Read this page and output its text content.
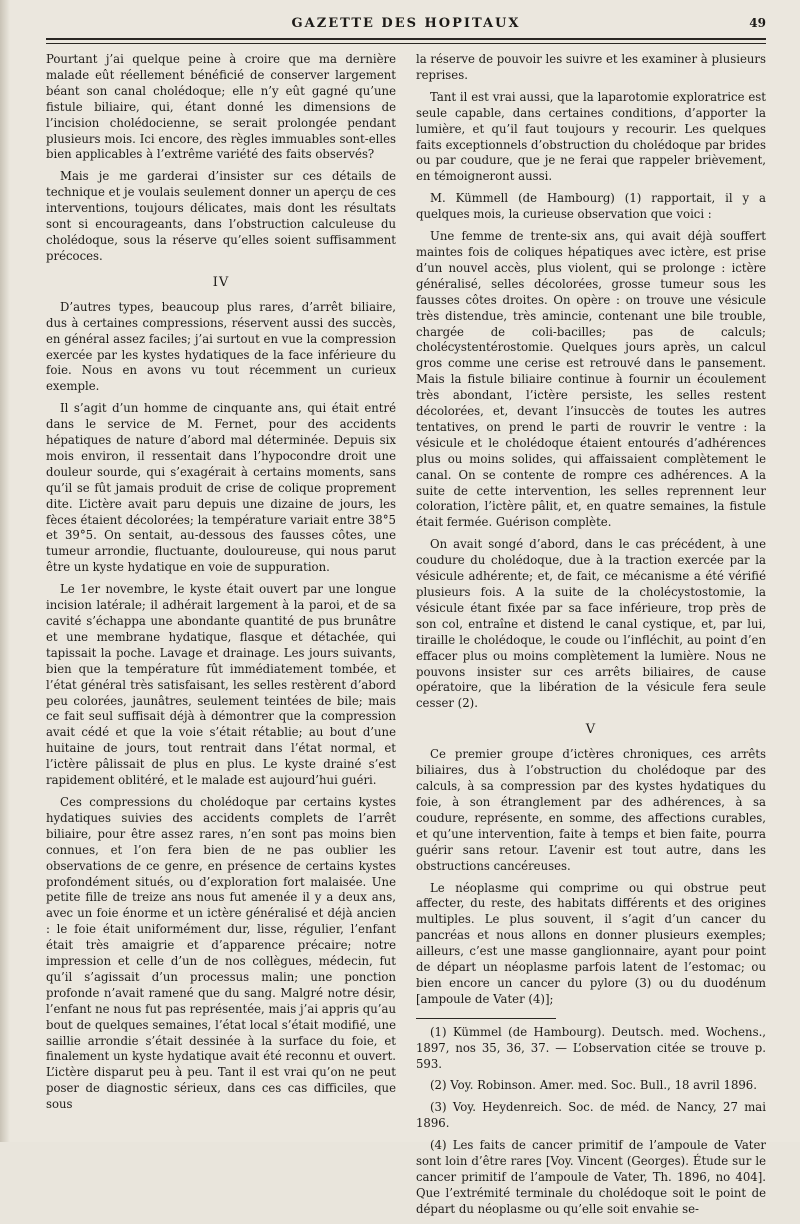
GAZETTE DES HOPITAUX	49

Pourtant j’ai quelque peine à croire que ma dernière malade eût réellement bénéficié de conserver largement béant son canal cholédoque; elle n’y eût gagné qu’une fistule biliaire, qui, étant donné les dimensions de l’incision cholédocienne, se serait prolongée pendant plusieurs mois. Ici encore, des règles immuables sont-elles bien applicables à l’extrême variété des faits observés?

Mais je me garderai d’insister sur ces détails de technique et je voulais seulement donner un aperçu de ces interventions, toujours délicates, mais dont les résultats sont si encourageants, dans l’obstruction calculeuse du cholédoque, sous la réserve qu’elles soient suffisamment précoces.

IV

D’autres types, beaucoup plus rares, d’arrêt biliaire, dus à certaines compressions, réservent aussi des succès, en général assez faciles; j’ai surtout en vue la compression exercée par les kystes hydatiques de la face inférieure du foie. Nous en avons vu tout récemment un curieux exemple.

Il s’agit d’un homme de cinquante ans, qui était entré dans le service de M. Fernet, pour des accidents hépatiques de nature d’abord mal déterminée. Depuis six mois environ, il ressentait dans l’hypocondre droit une douleur sourde, qui s’exagérait à certains moments, sans qu’il se fût jamais produit de crise de colique proprement dite. L’ictère avait paru depuis une dizaine de jours, les fèces étaient décolorées; la température variait entre 38°5 et 39°5. On sentait, au-dessous des fausses côtes, une tumeur arrondie, fluctuante, douloureuse, qui nous parut être un kyste hydatique en voie de suppuration.

Le 1er novembre, le kyste était ouvert par une longue incision latérale; il adhérait largement à la paroi, et de sa cavité s’échappa une abondante quantité de pus brunâtre et une membrane hydatique, flasque et détachée, qui tapissait la poche. Lavage et drainage. Les jours suivants, bien que la température fût immédiatement tombée, et l’état général très satisfaisant, les selles restèrent d’abord peu colorées, jaunâtres, seulement teintées de bile; mais ce fait seul suffisait déjà à démontrer que la compression avait cédé et que la voie s’était rétablie; au bout d’une huitaine de jours, tout rentrait dans l’état normal, et l’ictère pâlissait de plus en plus. Le kyste drainé s’est rapidement oblitéré, et le malade est aujourd’hui guéri.

Ces compressions du cholédoque par certains kystes hydatiques suivies des accidents complets de l’arrêt biliaire, pour être assez rares, n’en sont pas moins bien connues, et l’on fera bien de ne pas oublier les observations de ce genre, en présence de certains kystes profondément situés, ou d’exploration fort malaisée. Une petite fille de treize ans nous fut amenée il y a deux ans, avec un foie énorme et un ictère généralisé et déjà ancien : le foie était uniformément dur, lisse, régulier, l’enfant était très amaigrie et d’apparence précaire; notre impression et celle d’un de nos collègues, médecin, fut qu’il s’agissait d’un processus malin; une ponction profonde n’avait ramené que du sang. Malgré notre désir, l’enfant ne nous fut pas représentée, mais j’ai appris qu’au bout de quelques semaines, l’état local s’était modifié, une saillie arrondie s’était dessinée à la surface du foie, et finalement un kyste hydatique avait été reconnu et ouvert. L’ictère disparut peu à peu. Tant il est vrai qu’on ne peut poser de diagnostic sérieux, dans ces cas difficiles, que sous

la réserve de pouvoir les suivre et les examiner à plusieurs reprises.

Tant il est vrai aussi, que la laparotomie exploratrice est seule capable, dans certaines conditions, d’apporter la lumière, et qu’il faut toujours y recourir. Les quelques faits exceptionnels d’obstruction du cholédoque par brides ou par coudure, que je ne ferai que rappeler brièvement, en témoigneront aussi.

M. Kümmell (de Hambourg) (1) rapportait, il y a quelques mois, la curieuse observation que voici :

Une femme de trente-six ans, qui avait déjà souffert maintes fois de coliques hépatiques avec ictère, est prise d’un nouvel accès, plus violent, qui se prolonge : ictère généralisé, selles décolorées, grosse tumeur sous les fausses côtes droites. On opère : on trouve une vésicule très distendue, très amincie, contenant une bile trouble, chargée de coli-bacilles; pas de calculs; cholécystentérostomie. Quelques jours après, un calcul gros comme une cerise est retrouvé dans le pansement. Mais la fistule biliaire continue à fournir un écoulement très abondant, l’ictère persiste, les selles restent décolorées, et, devant l’insuccès de toutes les autres tentatives, on prend le parti de rouvrir le ventre : la vésicule et le cholédoque étaient entourés d’adhérences plus ou moins solides, qui affaissaient complètement le canal. On se contente de rompre ces adhérences. A la suite de cette intervention, les selles reprennent leur coloration, l’ictère pâlit, et, en quatre semaines, la fistule était fermée. Guérison complète.

On avait songé d’abord, dans le cas précédent, à une coudure du cholédoque, due à la traction exercée par la vésicule adhérente; et, de fait, ce mécanisme a été vérifié plusieurs fois. A la suite de la cholécystostomie, la vésicule étant fixée par sa face inférieure, trop près de son col, entraîne et distend le canal cystique, et, par lui, tiraille le cholédoque, le coude ou l’infléchit, au point d’en effacer plus ou moins complètement la lumière. Nous ne pouvons insister sur ces arrêts biliaires, de cause opératoire, que la libération de la vésicule fera seule cesser (2).

V

Ce premier groupe d’ictères chroniques, ces arrêts biliaires, dus à l’obstruction du cholédoque par des calculs, à sa compression par des kystes hydatiques du foie, à son étranglement par des adhérences, à sa coudure, représente, en somme, des affections curables, et qu’une intervention, faite à temps et bien faite, pourra guérir sans retour. L’avenir est tout autre, dans les obstructions cancéreuses.

Le néoplasme qui comprime ou qui obstrue peut affecter, du reste, des habitats différents et des origines multiples. Le plus souvent, il s’agit d’un cancer du pancréas et nous allons en donner plusieurs exemples; ailleurs, c’est une masse ganglionnaire, ayant pour point de départ un néoplasme parfois latent de l’estomac; ou bien encore un cancer du pylore (3) ou du duodénum [ampoule de Vater (4)];

(1) Kümmel (de Hambourg). Deutsch. med. Wochens., 1897, nos 35, 36, 37. — L’observation citée se trouve p. 593.

(2) Voy. Robinson. Amer. med. Soc. Bull., 18 avril 1896.

(3) Voy. Heydenreich. Soc. de méd. de Nancy, 27 mai 1896.

(4) Les faits de cancer primitif de l’ampoule de Vater sont loin d’être rares [Voy. Vincent (Georges). Étude sur le cancer primitif de l’ampoule de Vater, Th. 1896, no 404]. Que l’extrémité terminale du cholédoque soit le point de départ du néoplasme ou qu’elle soit envahie se-
